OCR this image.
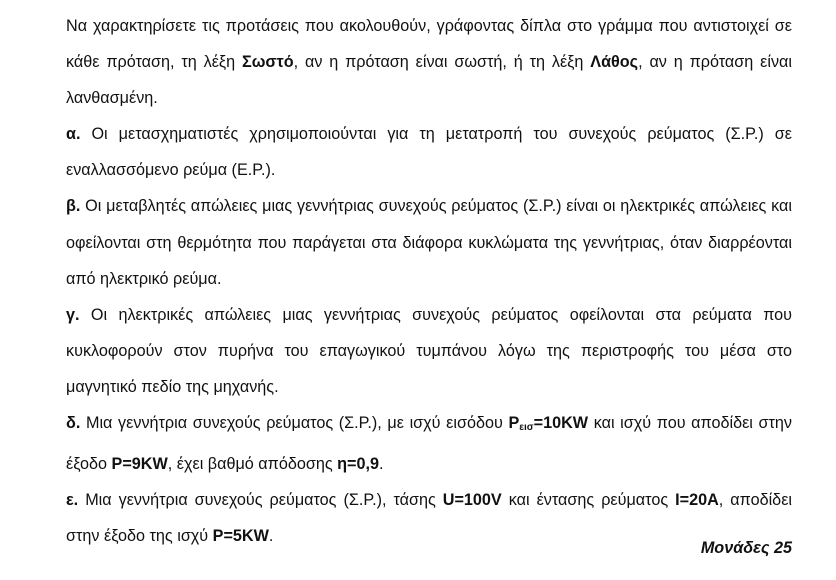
Να χαρακτηρίσετε τις προτάσεις που ακολουθούν, γράφοντας δίπλα στο γράμμα που αντιστοιχεί σε κάθε πρόταση, τη λέξη Σωστό, αν η πρόταση είναι σωστή, ή τη λέξη Λάθος, αν η πρόταση είναι λανθασμένη.

α. Οι μετασχηματιστές χρησιμοποιούνται για τη μετατροπή του συνεχούς ρεύματος (Σ.Ρ.) σε εναλλασσόμενο ρεύμα (Ε.Ρ.).

β. Οι μεταβλητές απώλειες μιας γεννήτριας συνεχούς ρεύματος (Σ.Ρ.) είναι οι ηλεκτρικές απώλειες και οφείλονται στη θερμότητα που παράγεται στα διάφορα κυκλώματα της γεννήτριας, όταν διαρρέονται από ηλεκτρικό ρεύμα.

γ. Οι ηλεκτρικές απώλειες μιας γεννήτριας συνεχούς ρεύματος οφείλονται στα ρεύματα που κυκλοφορούν στον πυρήνα του επαγωγικού τυμπάνου λόγω της περιστροφής του μέσα στο μαγνητικό πεδίο της μηχανής.

δ. Μια γεννήτρια συνεχούς ρεύματος (Σ.Ρ.), με ισχύ εισόδου $P_{\varepsilon\iota\sigma}=10KW$ και ισχύ που αποδίδει στην έξοδο P=9KW, έχει βαθμό απόδοσης η=0,9.

ε. Μια γεννήτρια συνεχούς ρεύματος (Σ.Ρ.), τάσης U=100V και έντασης ρεύματος I=20A, αποδίδει στην έξοδο της ισχύ P=5KW.

Μονάδες 25
